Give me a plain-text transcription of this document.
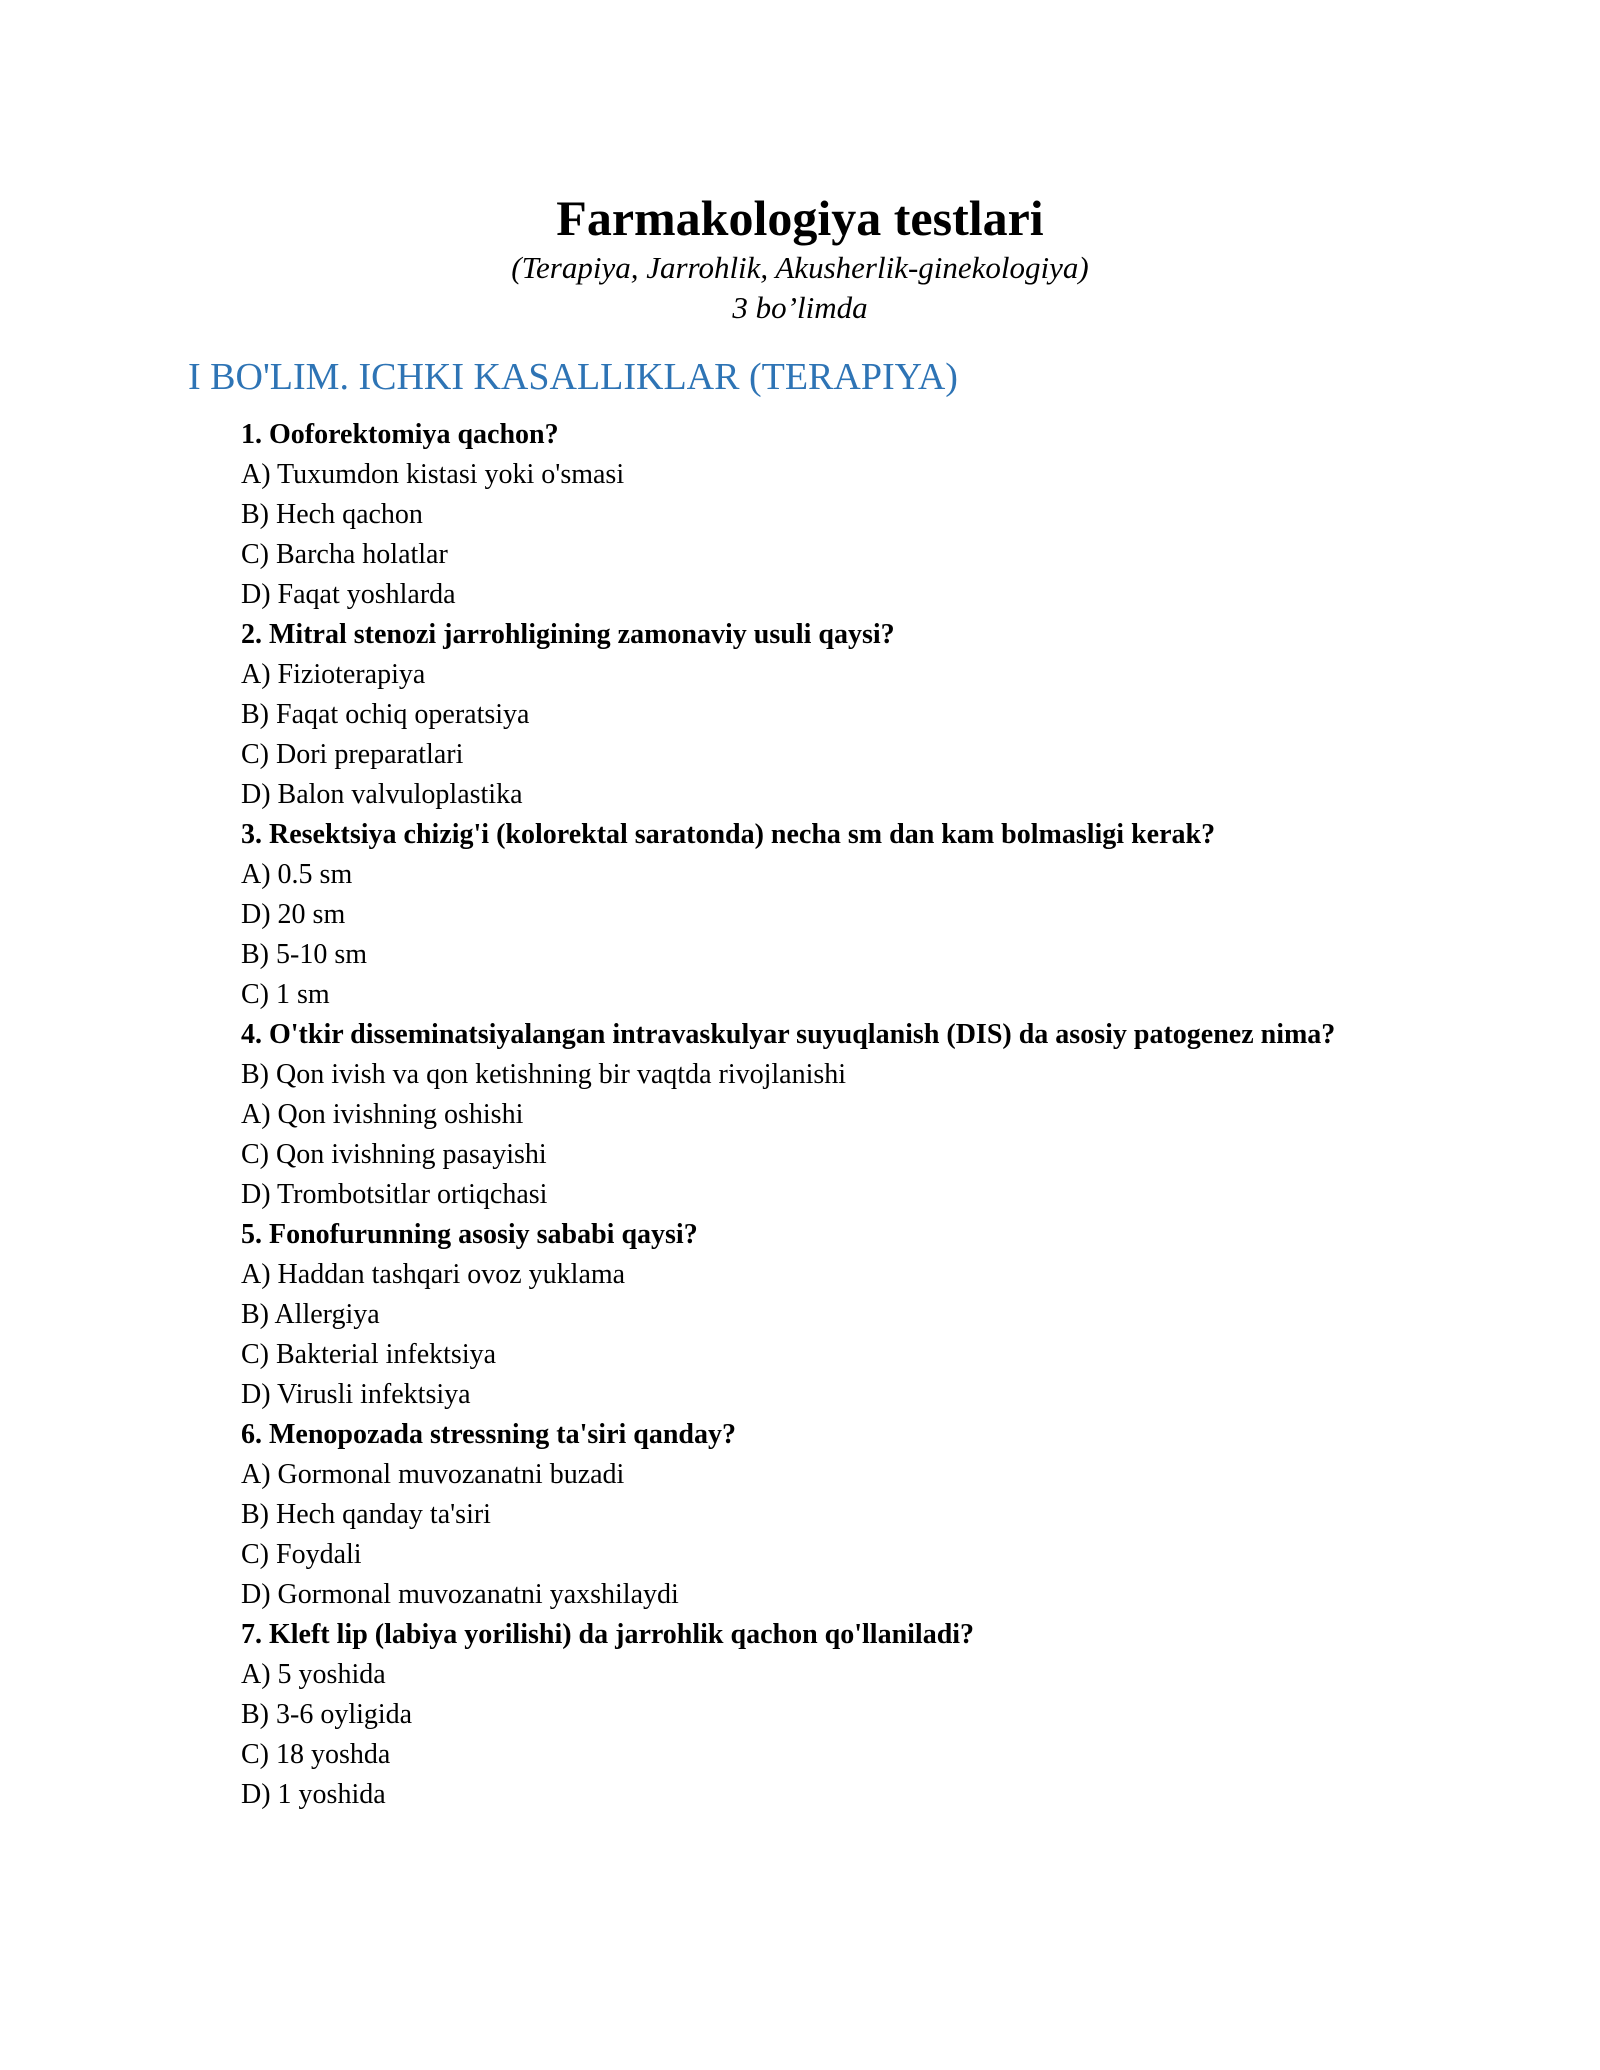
Farmakologiya testlari
(Terapiya, Jarrohlik, Akusherlik-ginekologiya)
3 bo’limda
I BO'LIM. ICHKI KASALLIKLAR (TERAPIYA)

1. Ooforektomiya qachon?

A) Tuxumdon kistasi yoki o'smasi

B) Hech qachon

C) Barcha holatlar

D) Faqat yoshlarda

2. Mitral stenozi jarrohligining zamonaviy usuli qaysi?

A) Fizioterapiya

B) Faqat ochiq operatsiya

C) Dori preparatlari

D) Balon valvuloplastika

3. Resektsiya chizig'i (kolorektal saratonda) necha sm dan kam bolmasligi kerak?

A) 0.5 sm

D) 20 sm

B) 5-10 sm

C) 1 sm

4. O'tkir disseminatsiyalangan intravaskulyar suyuqlanish (DIS) da asosiy patogenez nima?

B) Qon ivish va qon ketishning bir vaqtda rivojlanishi

A) Qon ivishning oshishi

C) Qon ivishning pasayishi

D) Trombotsitlar ortiqchasi

5. Fonofurunning asosiy sababi qaysi?

A) Haddan tashqari ovoz yuklama

B) Allergiya

C) Bakterial infektsiya

D) Virusli infektsiya

6. Menopozada stressning ta'siri qanday?

A) Gormonal muvozanatni buzadi

B) Hech qanday ta'siri

C) Foydali

D) Gormonal muvozanatni yaxshilaydi

7. Kleft lip (labiya yorilishi) da jarrohlik qachon qo'llaniladi?

A) 5 yoshida

B) 3-6 oyligida

C) 18 yoshda

D) 1 yoshida
